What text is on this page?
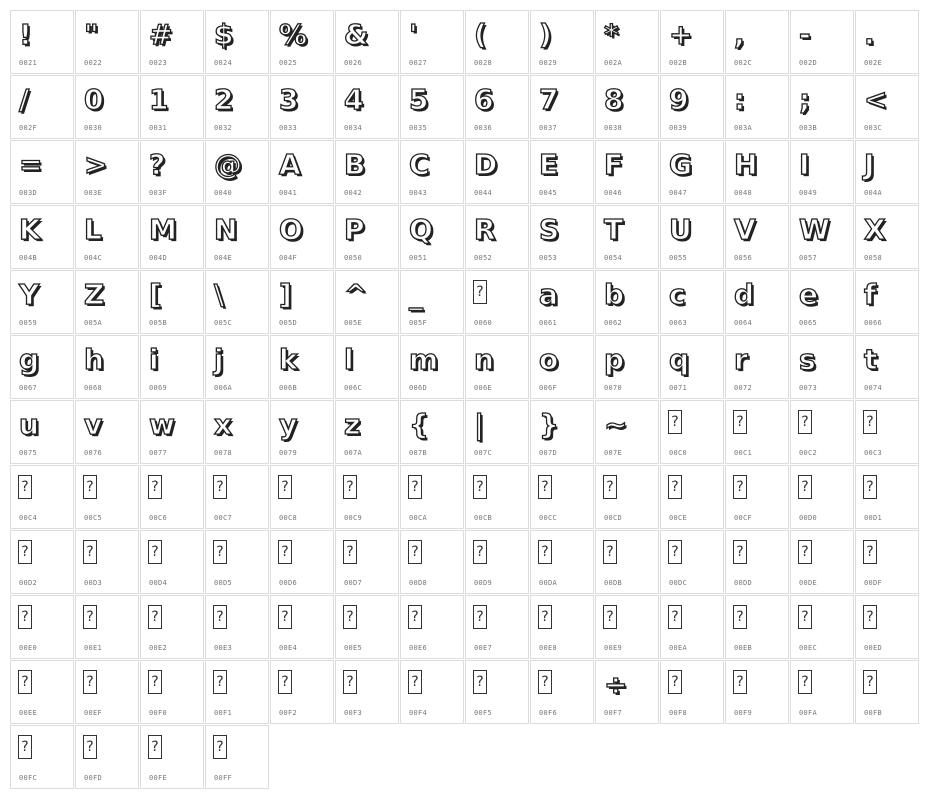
!
0021
"
0022
#
0023
$
0024
%
0025
&
0026
'
0027
(
0028
)
0029
*
002A
+
002B
,
002C
-
002D
.
002E
/
002F
0
0030
1
0031
2
0032
3
0033
4
0034
5
0035
6
0036
7
0037
8
0038
9
0039
:
003A
;
003B
<
003C
=
003D
>
003E
?
003F
@
0040
A
0041
B
0042
C
0043
D
0044
E
0045
F
0046
G
0047
H
0048
I
0049
J
004A
K
004B
L
004C
M
004D
N
004E
O
004F
P
0050
Q
0051
R
0052
S
0053
T
0054
U
0055
V
0056
W
0057
X
0058
Y
0059
Z
005A
[
005B
\
005C
]
005D
^
005E
_
005F
?
0060
a
0061
b
0062
c
0063
d
0064
e
0065
f
0066
g
0067
h
0068
i
0069
j
006A
k
006B
l
006C
m
006D
n
006E
o
006F
p
0070
q
0071
r
0072
s
0073
t
0074
u
0075
v
0076
w
0077
x
0078
y
0079
z
007A
{
007B
|
007C
}
007D
~
007E
?
00C0
?
00C1
?
00C2
?
00C3
?
00C4
?
00C5
?
00C6
?
00C7
?
00C8
?
00C9
?
00CA
?
00CB
?
00CC
?
00CD
?
00CE
?
00CF
?
00D0
?
00D1
?
00D2
?
00D3
?
00D4
?
00D5
?
00D6
?
00D7
?
00D8
?
00D9
?
00DA
?
00DB
?
00DC
?
00DD
?
00DE
?
00DF
?
00E0
?
00E1
?
00E2
?
00E3
?
00E4
?
00E5
?
00E6
?
00E7
?
00E8
?
00E9
?
00EA
?
00EB
?
00EC
?
00ED
?
00EE
?
00EF
?
00F0
?
00F1
?
00F2
?
00F3
?
00F4
?
00F5
?
00F6
÷
00F7
?
00F8
?
00F9
?
00FA
?
00FB
?
00FC
?
00FD
?
00FE
?
00FF
